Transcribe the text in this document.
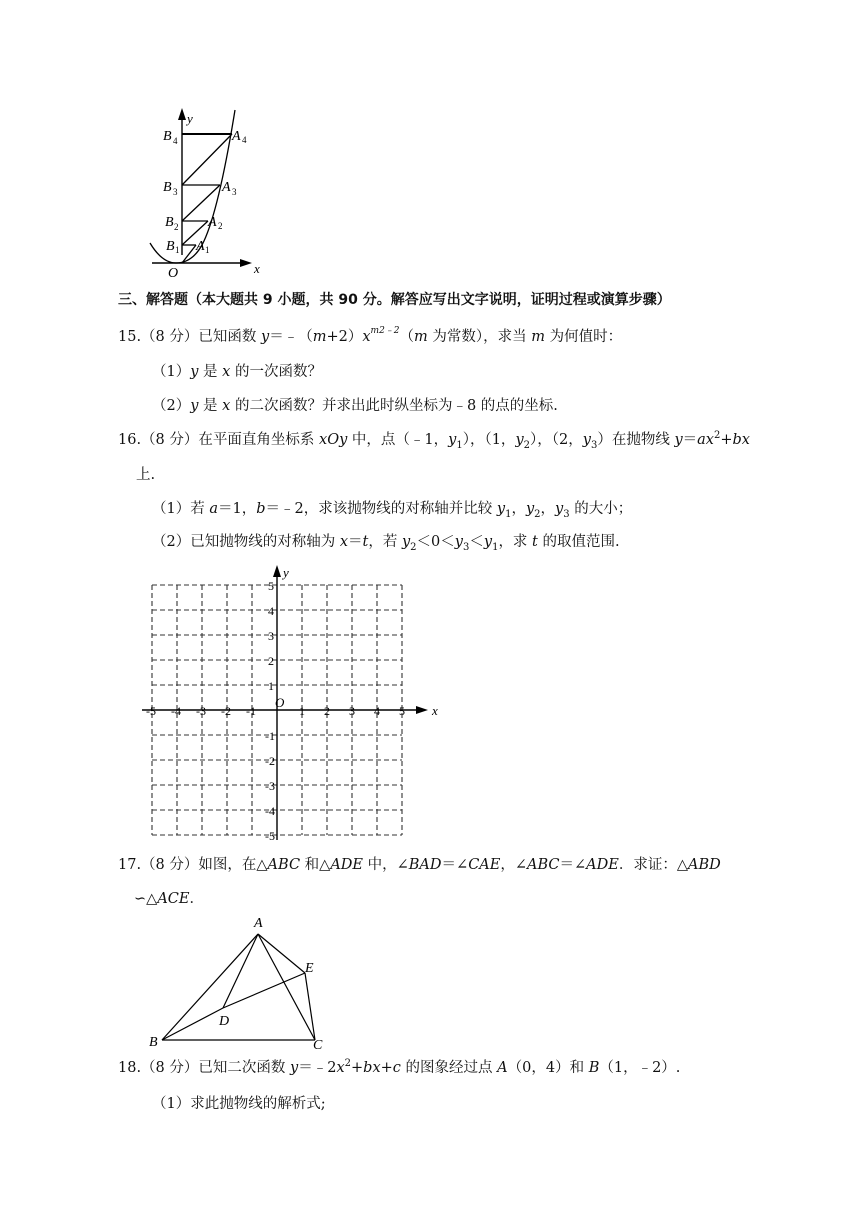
y
x
O
B 4
B 3
B 2
B 1
A 4
A 3
A 2
A 1
三、解答题（本大题共 9 小题，共 90 分。解答应写出文字说明，证明过程或演算步骤）
15.（8 分）已知函数 $y=﹣(m+2)x^{m2﹣2}(m$ 为常数），求当 m 为何值时：
（1）y 是 x 的一次函数？
（2）y 是 x 的二次函数？并求出此时纵坐标为﹣8 的点的坐标.
16.（8 分）在平面直角坐标系 xOy 中，点（﹣1，$y_1$），（1，$y_2$），（2，$y_3$）在抛物线 $y=ax^2+bx$
上.
（1）若 a＝1，b＝﹣2，求该抛物线的对称轴并比较 $y_1$，$y_2$，$y_3$ 的大小；
（2）已知抛物线的对称轴为 x＝t，若 $y_2<0<y_3<y_1$，求 t 的取值范围.
x
y
O
-5 -4 -3 -2 -1	1 2 3 4 5
5
4
3
2
1
-1
-2
-3
-4
-5
17.（8 分）如图，在△ABC 和△ADE 中，∠BAD＝∠CAE，∠ABC＝∠ADE．求证：△ABD
∽△ACE．
A
B	C
D
E
18.（8 分）已知二次函数 $y=﹣2x^2+bx+c$ 的图象经过点 A（0，4）和 B（1，﹣2）.
（1）求此抛物线的解析式;
